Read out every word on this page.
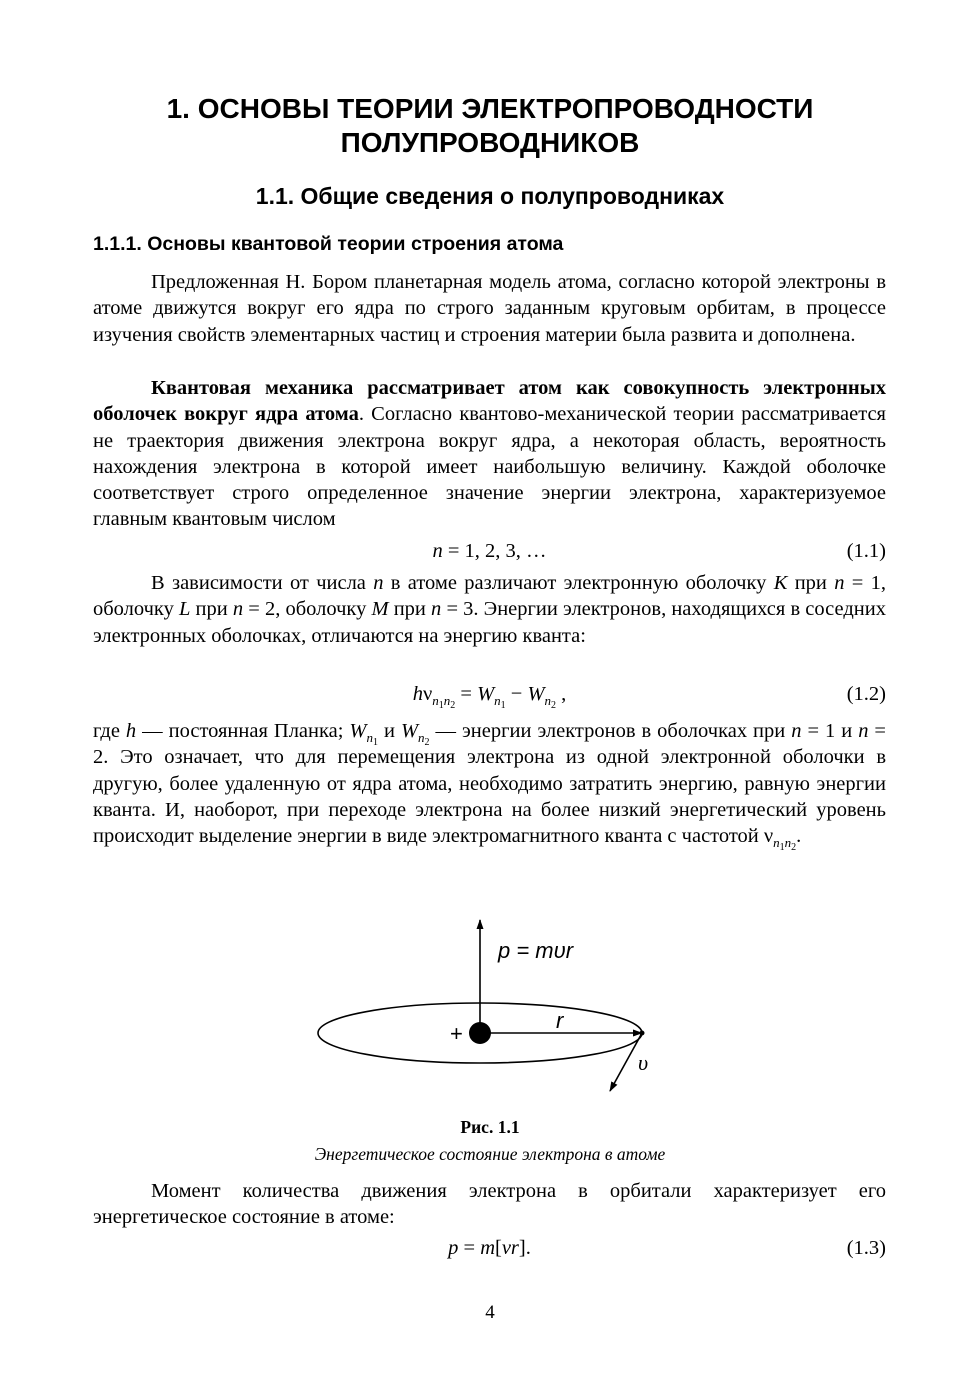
1. ОСНОВЫ ТЕОРИИ ЭЛЕКТРОПРОВОДНОСТИ
ПОЛУПРОВОДНИКОВ
1.1. Общие сведения о полупроводниках
1.1.1. Основы квантовой теории строения атома
Предложенная Н. Бором планетарная модель атома, согласно которой электроны в атоме движутся вокруг его ядра по строго заданным круговым орбитам, в процессе изучения свойств элементарных частиц и строения материи была развита и дополнена.
Квантовая механика рассматривает атом как совокупность электронных оболочек вокруг ядра атома. Согласно квантово-механической теории рассматривается не траектория движения электрона вокруг ядра, а некоторая область, вероятность нахождения электрона в которой имеет наибольшую величину. Каждой оболочке соответствует строго определенное значение энергии электрона, характеризуемое главным квантовым числом
n = 1, 2, 3, …	(1.1)
В зависимости от числа n в атоме различают электронную оболочку K при n = 1, оболочку L при n = 2, оболочку M при n = 3. Энергии электронов, находящихся в соседних электронных оболочках, отличаются на энергию кванта:
$h\nu_{n_1n_2} = W_{n_1} - W_{n_2}$ ,	(1.2)
где h — постоянная Планка; $W_{n_1}$ и $W_{n_2}$ — энергии электронов в оболочках при n = 1 и n = 2. Это означает, что для перемещения электрона из одной электронной оболочки в другую, более удаленную от ядра атома, необходимо затратить энергию, равную энергии кванта. И, наоборот, при переходе электрона на более низкий энергетический уровень происходит выделение энергии в виде электромагнитного кванта с частотой $\nu_{n_1n_2}$.
p = mυr
r
+
υ
Рис. 1.1
Энергетическое состояние электрона в атоме
Момент количества движения электрона в орбитали характеризует его энергетическое состояние в атоме:
p = m[vr].	(1.3)
4
